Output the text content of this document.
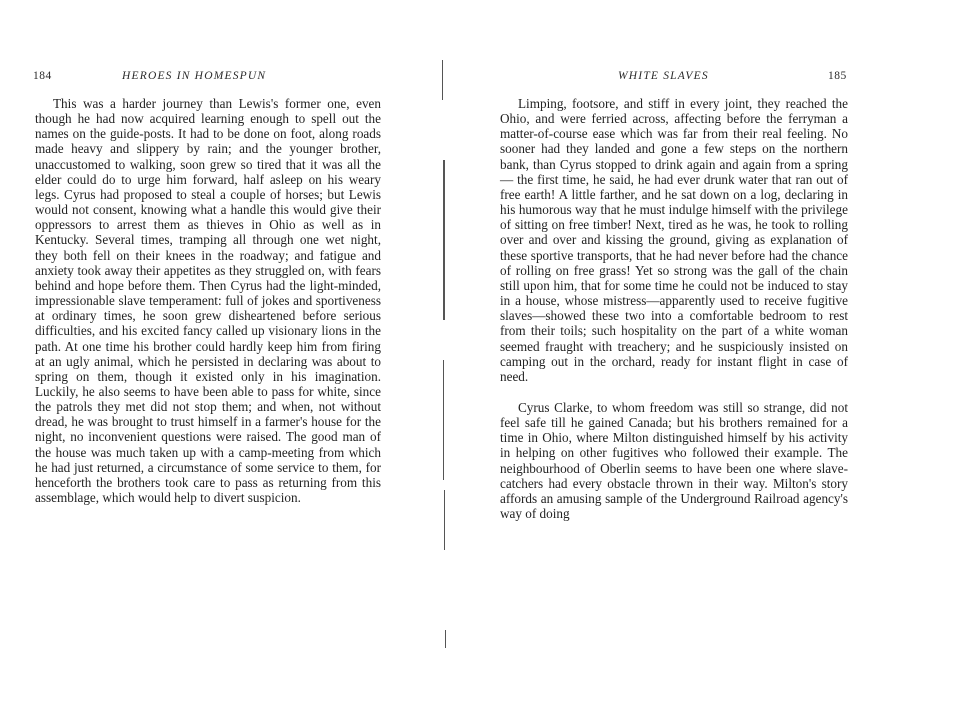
184	HEROES IN HOMESPUN

This was a harder journey than Lewis's former one, even though he had now acquired learning enough to spell out the names on the guide-posts. It had to be done on foot, along roads made heavy and slippery by rain; and the younger brother, unaccustomed to walking, soon grew so tired that it was all the elder could do to urge him forward, half asleep on his weary legs. Cyrus had proposed to steal a couple of horses; but Lewis would not consent, knowing what a handle this would give their oppressors to arrest them as thieves in Ohio as well as in Kentucky. Several times, tramping all through one wet night, they both fell on their knees in the roadway; and fatigue and anxiety took away their appetites as they struggled on, with fears behind and hope before them. Then Cyrus had the light-minded, impressionable slave temperament: full of jokes and sportiveness at ordinary times, he soon grew disheartened before serious difficulties, and his excited fancy called up visionary lions in the path. At one time his brother could hardly keep him from firing at an ugly animal, which he persisted in declaring was about to spring on them, though it existed only in his imagination. Luckily, he also seems to have been able to pass for white, since the patrols they met did not stop them; and when, not without dread, he was brought to trust himself in a farmer's house for the night, no inconvenient questions were raised. The good man of the house was much taken up with a camp-meeting from which he had just returned, a circumstance of some service to them, for henceforth the brothers took care to pass as returning from this assemblage, which would help to divert suspicion.

WHITE SLAVES	185

Limping, footsore, and stiff in every joint, they reached the Ohio, and were ferried across, affecting before the ferryman a matter-of-course ease which was far from their real feeling. No sooner had they landed and gone a few steps on the northern bank, than Cyrus stopped to drink again and again from a spring — the first time, he said, he had ever drunk water that ran out of free earth! A little farther, and he sat down on a log, declaring in his humorous way that he must indulge himself with the privilege of sitting on free timber! Next, tired as he was, he took to rolling over and over and kissing the ground, giving as explanation of these sportive transports, that he had never before had the chance of rolling on free grass! Yet so strong was the gall of the chain still upon him, that for some time he could not be induced to stay in a house, whose mistress—apparently used to receive fugitive slaves—showed these two into a comfortable bedroom to rest from their toils; such hospitality on the part of a white woman seemed fraught with treachery; and he suspiciously insisted on camping out in the orchard, ready for instant flight in case of need.

Cyrus Clarke, to whom freedom was still so strange, did not feel safe till he gained Canada; but his brothers remained for a time in Ohio, where Milton distinguished himself by his activity in helping on other fugitives who followed their example. The neighbourhood of Oberlin seems to have been one where slave-catchers had every obstacle thrown in their way. Milton's story affords an amusing sample of the Underground Railroad agency's way of doing
